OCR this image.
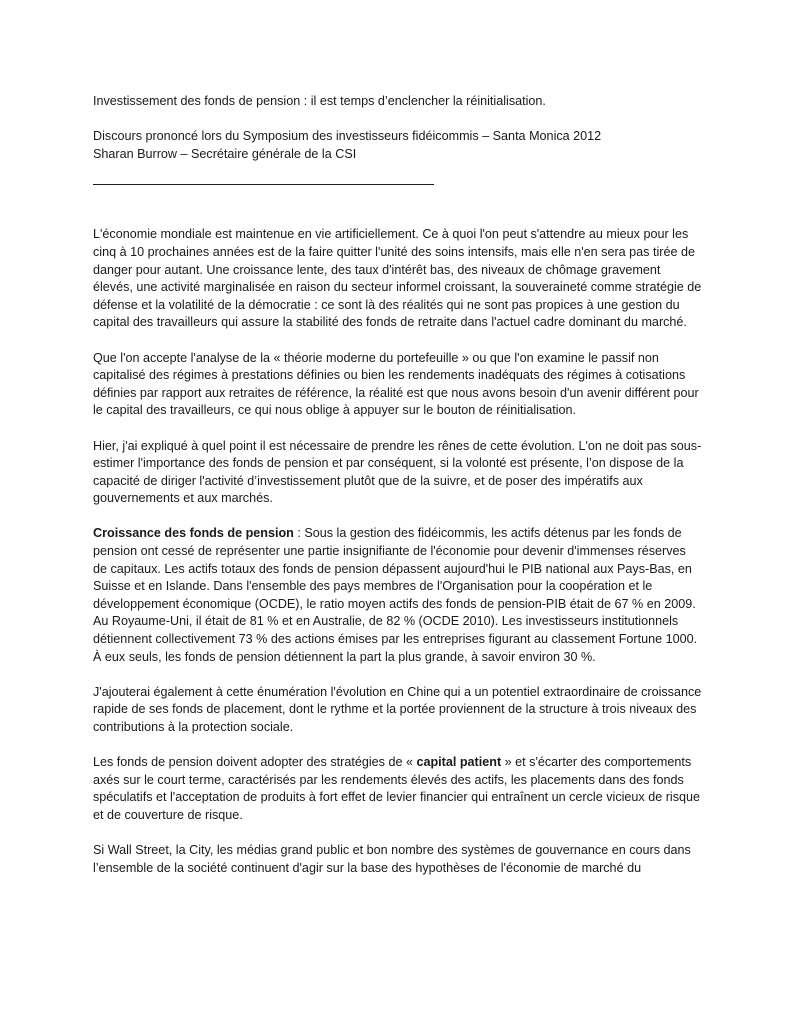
Investissement des fonds de pension : il est temps d’enclencher la réinitialisation.

Discours prononcé lors du Symposium des investisseurs fidéicommis – Santa Monica 2012

Sharan Burrow – Secrétaire générale de la CSI

L'économie mondiale est maintenue en vie artificiellement. Ce à quoi l'on peut s'attendre au mieux pour les cinq à 10 prochaines années est de la faire quitter l'unité des soins intensifs, mais elle n'en sera pas tirée de danger pour autant. Une croissance lente, des taux d'intérêt bas, des niveaux de chômage gravement élevés, une activité marginalisée en raison du secteur informel croissant, la souveraineté comme stratégie de défense et la volatilité de la démocratie : ce sont là des réalités qui ne sont pas propices à une gestion du capital des travailleurs qui assure la stabilité des fonds de retraite dans l'actuel cadre dominant du marché.

Que l'on accepte l'analyse de la « théorie moderne du portefeuille » ou que l'on examine le passif non capitalisé des régimes à prestations définies ou bien les rendements inadéquats des régimes à cotisations définies par rapport aux retraites de référence, la réalité est que nous avons besoin d'un avenir différent pour le capital des travailleurs, ce qui nous oblige à appuyer sur le bouton de réinitialisation.

Hier, j'ai expliqué à quel point il est nécessaire de prendre les rênes de cette évolution. L'on ne doit pas sous-estimer l'importance des fonds de pension et par conséquent, si la volonté est présente, l’on dispose de la capacité de diriger l'activité d’investissement plutôt que de la suivre, et de poser des impératifs aux gouvernements et aux marchés.

Croissance des fonds de pension : Sous la gestion des fidéicommis, les actifs détenus par les fonds de pension ont cessé de représenter une partie insignifiante de l'économie pour devenir d'immenses réserves de capitaux. Les actifs totaux des fonds de pension dépassent aujourd'hui le PIB national aux Pays-Bas, en Suisse et en Islande. Dans l'ensemble des pays membres de l'Organisation pour la coopération et le développement économique (OCDE), le ratio moyen actifs des fonds de pension-PIB était de 67 % en 2009. Au Royaume-Uni, il était de 81 % et en Australie, de 82 % (OCDE 2010). Les investisseurs institutionnels détiennent collectivement 73 % des actions émises par les entreprises figurant au classement Fortune 1000. À eux seuls, les fonds de pension détiennent la part la plus grande, à savoir environ 30 %.

J'ajouterai également à cette énumération l'évolution en Chine qui a un potentiel extraordinaire de croissance rapide de ses fonds de placement, dont le rythme et la portée proviennent de la structure à trois niveaux des contributions à la protection sociale.

Les fonds de pension doivent adopter des stratégies de « capital patient » et s'écarter des comportements axés sur le court terme, caractérisés par les rendements élevés des actifs, les placements dans des fonds spéculatifs et l'acceptation de produits à fort effet de levier financier qui entraînent un cercle vicieux de risque et de couverture de risque.

Si Wall Street, la City, les médias grand public et bon nombre des systèmes de gouvernance en cours dans l’ensemble de la société continuent d'agir sur la base des hypothèses de l'économie de marché du
